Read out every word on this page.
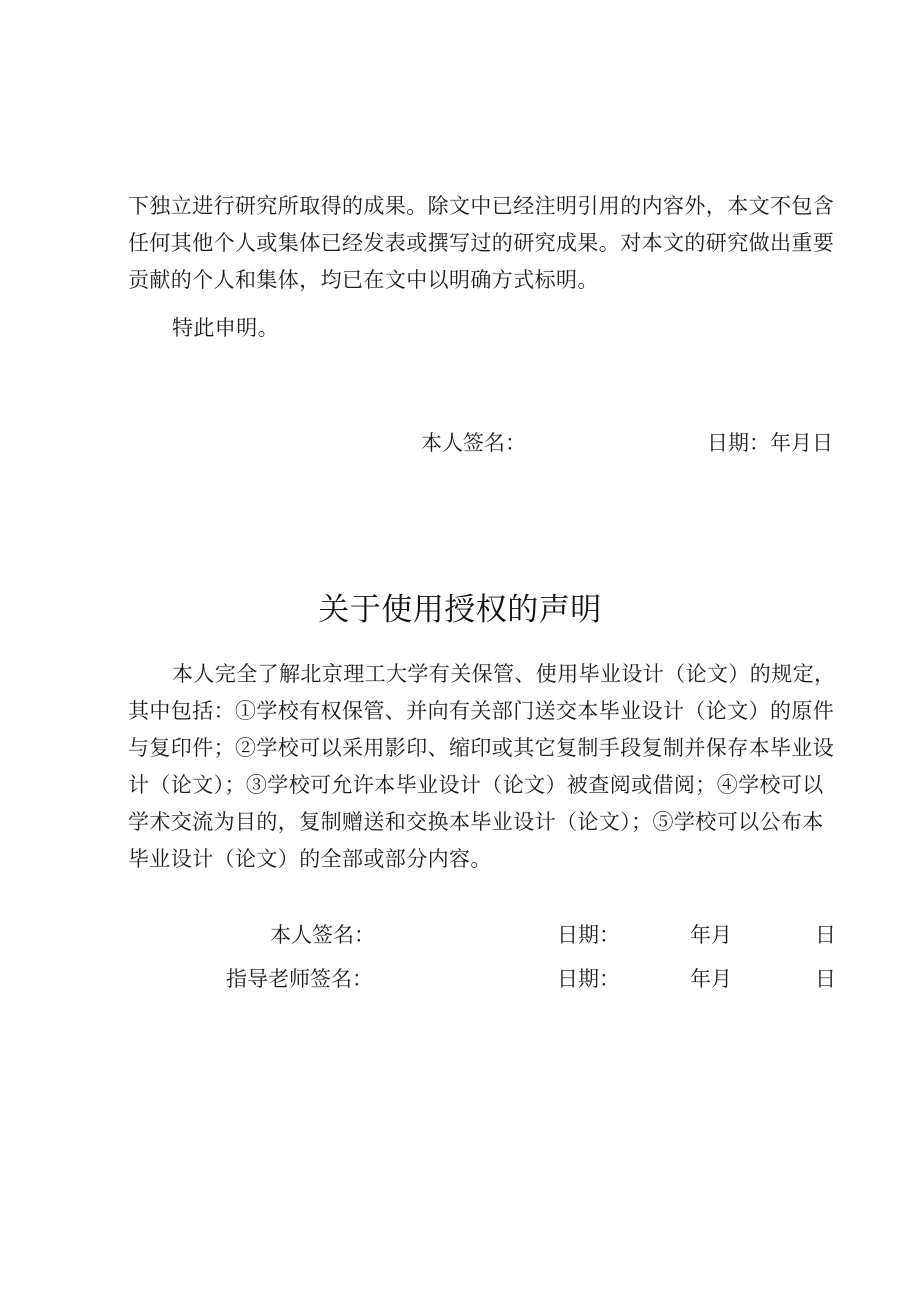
下独立进行研究所取得的成果。除文中已经注明引用的内容外，本文不包含
任何其他个人或集体已经发表或撰写过的研究成果。对本文的研究做出重要
贡献的个人和集体，均已在文中以明确方式标明。
特此申明。
本人签名：	日期：年月日
关于使用授权的声明
本人完全了解北京理工大学有关保管、使用毕业设计（论文）的规定，
其中包括：①学校有权保管、并向有关部门送交本毕业设计（论文）的原件
与复印件；②学校可以采用影印、缩印或其它复制手段复制并保存本毕业设
计（论文）；③学校可允许本毕业设计（论文）被查阅或借阅；④学校可以
学术交流为目的，复制赠送和交换本毕业设计（论文）；⑤学校可以公布本
毕业设计（论文）的全部或部分内容。
本人签名：	日期：	年月	日
指导老师签名：	日期：	年月	日
